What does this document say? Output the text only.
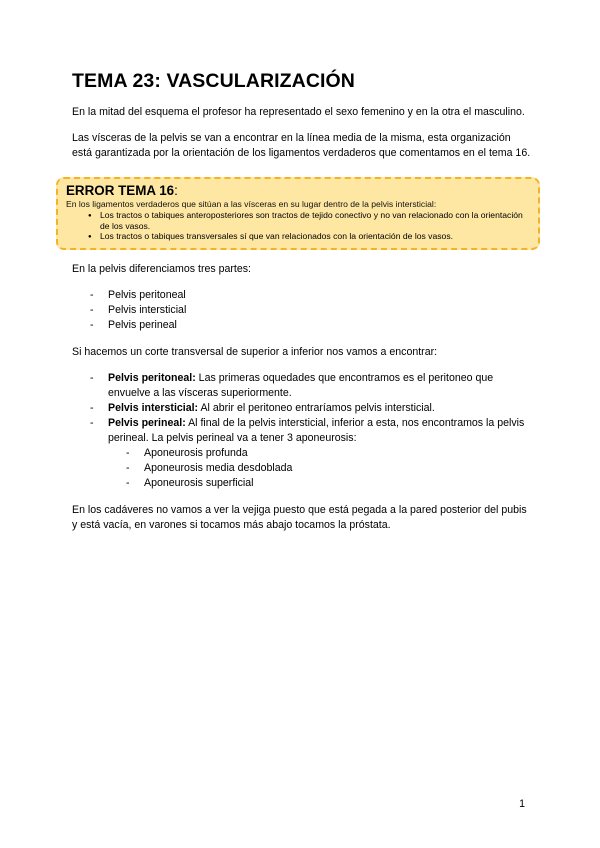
TEMA 23: VASCULARIZACIÓN

En la mitad del esquema el profesor ha representado el sexo femenino y en la otra el masculino.

Las vísceras de la pelvis se van a encontrar en la línea media de la misma, esta organización está garantizada por la orientación de los ligamentos verdaderos que comentamos en el tema 16.

ERROR TEMA 16:
En los ligamentos verdaderos que sitúan a las vísceras en su lugar dentro de la pelvis intersticial:
● Los tractos o tabiques anteroposteriores son tractos de tejido conectivo y no van relacionado con la orientación de los vasos.
● Los tractos o tabiques transversales sí que van relacionados con la orientación de los vasos.

En la pelvis diferenciamos tres partes:

- Pelvis peritoneal
- Pelvis intersticial
- Pelvis perineal

Si hacemos un corte transversal de superior a inferior nos vamos a encontrar:

- Pelvis peritoneal: Las primeras oquedades que encontramos es el peritoneo que envuelve a las vísceras superiormente.
- Pelvis intersticial: Al abrir el peritoneo entraríamos pelvis intersticial.
- Pelvis perineal: Al final de la pelvis intersticial, inferior a esta, nos encontramos la pelvis perineal. La pelvis perineal va a tener 3 aponeurosis:
- Aponeurosis profunda
- Aponeurosis media desdoblada
- Aponeurosis superficial

En los cadáveres no vamos a ver la vejiga puesto que está pegada a la pared posterior del pubis y está vacía, en varones si tocamos más abajo tocamos la próstata.

1
